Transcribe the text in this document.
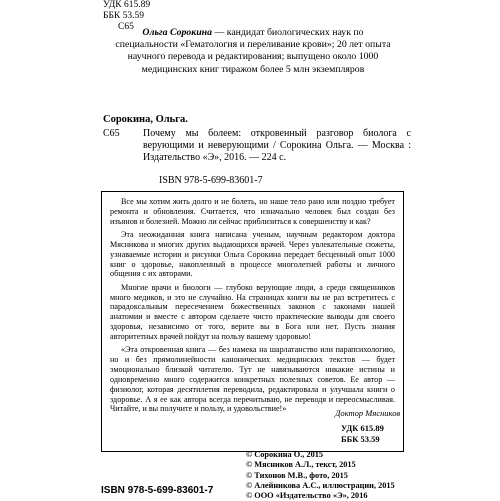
УДК 615.89
ББК 53.59
С65 Ольга Сорокина — кандидат биологических наук по специальности «Гематология и переливание крови»; 20 лет опыта научного перевода и редактирования; выпущено около 1000 медицинских книг тиражом более 5 млн экземпляров
Сорокина, Ольга.
С65 Почему мы болеем: откровенный разговор биолога с верующими и неверующими / Сорокина Ольга. — Москва : Издательство «Э», 2016. — 224 с.
ISBN 978-5-699-83601-7

Все мы хотим жить долго и не болеть, но наше тело рано или поздно требует ремонта и обновления. Считается, что изначально человек был создан без изъянов и болезней. Можно ли сейчас приблизиться к совершенству и как?

Эта неожиданная книга написана ученым, научным редактором доктора Мясникова и многих других выдающихся врачей. Через увлекательные сюжеты, узнаваемые истории и рисунки Ольга Сорокина передает бесценный опыт 1000 книг о здоровье, накопленный в процессе многолетней работы и личного общения с их авторами.

Многие врачи и биологи — глубоко верующие люди, а среди священников много медиков, и это не случайно. На страницах книги вы не раз встретитесь с парадоксальным пересечением божественных законов с законами нашей анатомии и вместе с автором сделаете чисто практические выводы для своего здоровья, независимо от того, верите вы в Бога или нет. Пусть знания авторитетных врачей пойдут на пользу вашему здоровью!

«Эта откровенная книга — без намека на шарлатанство или парапсихологию, но и без прямолинейности канонических медицинских текстов — будет эмоционально близкой читателю. Тут не навязываются никакие истины и одновременно много содержится конкретных полезных советов. Ее автор — физиолог, которая десятилетия переводила, редактировала и улучшала книги о здоровье. А я ее как автора всегда перечитываю, не переводя и переосмысливая. Читайте, и вы получите и пользу, и удовольствие!»	Доктор Мясников
УДК 615.89
ББК 53.59
© Сорокина О., 2015
© Мясников А.Л., текст, 2015
© Тихонов М.В., фото, 2015
© Алейникова А.С., иллюстрации, 2015
© ООО «Издательство «Э», 2016
ISBN 978-5-699-83601-7
